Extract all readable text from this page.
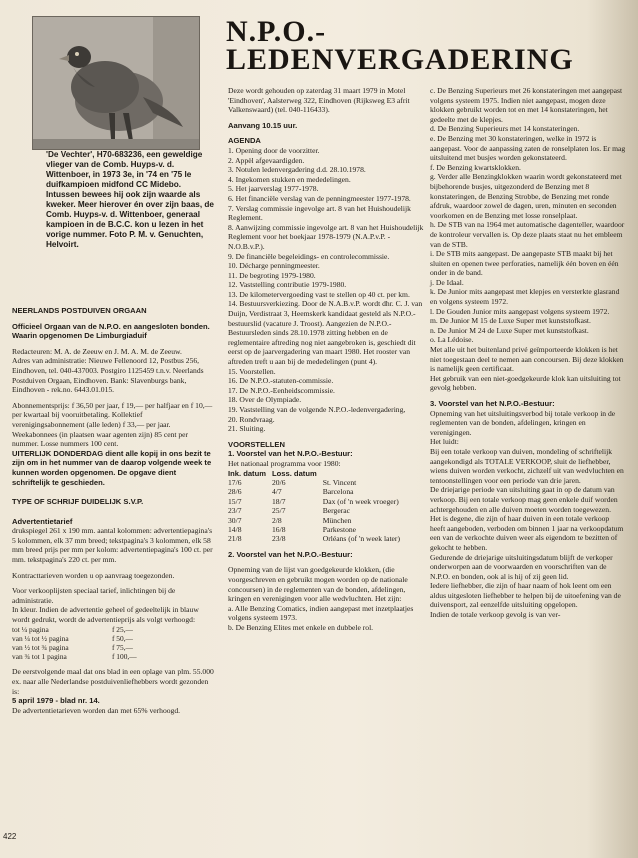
'De Vechter', H70-683236, een geweldige vlieger van de Comb. Huyps-v. d. Wittenboer, in 1973 3e, in '74 en '75 le duifkampioen midfond CC Midebo. Intussen bewees hij ook zijn waarde als kweker. Meer hierover én over zijn baas, de Comb. Huyps-v. d. Wittenboer, generaal kampioen in de B.C.C. kon u lezen in het vorige nummer. Foto P. M. v. Genuchten, Helvoirt.

NEERLANDS POSTDUIVEN ORGAAN

Officieel Orgaan van de N.P.O. en aangesloten bonden.

Waarin opgenomen De Limburgiaduif

Redacteuren: M. A. de Zeeuw en J. M. A. M. de Zeeuw.

Adres van administratie: Nieuwe Fellenoord 12, Postbus 256, Eindhoven, tel. 040-437003. Postgiro 1125459 t.n.v. Neerlands Postduiven Orgaan, Eindhoven. Bank: Slavenburgs bank, Eindhoven - rek.no. 6443.01.015.

Abonnementsprijs: f 36,50 per jaar, f 19,— per halfjaar en f 10,— per kwartaal bij vooruitbetaling. Kollektief verenigingsabonnement (alle leden) f 33,— per jaar. Weekabonnees (in plaatsen waar agenten zijn) 85 cent per nummer. Losse nummers 100 cent.

UITERLIJK DONDERDAG dient alle kopij in ons bezit te zijn om in het nummer van de daarop volgende week te kunnen worden opgenomen. De opgave dient schriftelijk te geschieden.

TYPE OF SCHRIJF DUIDELIJK S.V.P.

Advertentietarief

drukspiegel 261 x 190 mm. aantal kolommen: advertentiepagina's 5 kolommen, elk 37 mm breed; tekstpagina's 3 kolommen, elk 58 mm breed prijs per mm per kolom: advertentiepagina's 100 ct. per mm. tekstpagina's 220 ct. per mm.

Kontracttarieven worden u op aanvraag toegezonden.

Voor verkooplijsten speciaal tarief, inlichtingen bij de administratie.

In kleur. Indien de advertentie geheel of gedeeltelijk in blauw wordt gedrukt, wordt de advertentieprijs als volgt verhoogd:

tot ¼ pagina	f 25,—
van ¼ tot ½ pagina	f 50,—
van ½ tot ¾ pagina	f 75,—
van ¾ tot 1 pagina	f 100,—

De eerstvolgende maal dat ons blad in een oplage van plm. 55.000 ex. naar alle Nederlandse postduivenliefhebbers wordt gezonden is:

5 april 1979 - blad nr. 14.

De advertentietarieven worden dan met 65% verhoogd.

N.P.O.-
LEDENVERGADERING

Deze wordt gehouden op zaterdag 31 maart 1979 in Motel 'Eindhoven', Aalsterweg 322, Eindhoven (Rijksweg E3 afrit Valkenswaard) (tel. 040-116433).

Aanvang 10.15 uur.

AGENDA

1. Opening door de voorzitter.
2. Appèl afgevaardigden.
3. Notulen ledenvergadering d.d. 28.10.1978.
4. Ingekomen stukken en mededelingen.
5. Het jaarverslag 1977-1978.
6. Het financiële verslag van de penningmeester 1977-1978.
7. Verslag commissie ingevolge art. 8 van het Huishoudelijk Reglement.
8. Aanwijzing commissie ingevolge art. 8 van het Huishoudelijk Reglement voor het boekjaar 1978-1979 (N.A.P.v.P. - N.O.B.v.P.).
9. De financiële begeleidings- en controlecommissie.
10. Décharge penningmeester.
11. De begroting 1979-1980.
12. Vaststelling contributie 1979-1980.
13. De kilometervergoeding vast te stellen op 40 ct. per km.
14. Bestuursverkiezing. Door de N.A.B.v.P. wordt dhr. C. J. van Duijn, Verdistraat 3, Heemskerk kandidaat gesteld als N.P.O.-bestuurslid (vacature J. Troost). Aangezien de N.P.O.-Bestuursleden sinds 28.10.1978 zitting hebben en de reglementaire aftreding nog niet aangebroken is, geschiedt dit eerst op de jaarvergadering van maart 1980. Het rooster van aftreden treft u aan bij de mededelingen (punt 4).
15. Voorstellen.
16. De N.P.O.-statuten-commissie.
17. De N.P.O.-Eenheidscommissie.
18. Over de Olympiade.
19. Vaststelling van de volgende N.P.O.-ledenvergadering,
20. Rondvraag.
21. Sluiting.

VOORSTELLEN

1. Voorstel van het N.P.O.-Bestuur:

Het nationaal programma voor 1980:

Ink. datum	Loss. datum	
17/6	20/6	St. Vincent
28/6	4/7	Barcelona
15/7	18/7	Dax (of 'n week vroeger)
23/7	25/7	Bergerac
30/7	2/8	München
14/8	16/8	Parkestone
21/8	23/8	Orléans (of 'n week later)

2. Voorstel van het N.P.O.-Bestuur:

Opneming van de lijst van goedgekeurde klokken, (die voorgeschreven en gebruikt mogen worden op de nationale concoursen) in de reglementen van de bonden, afdelingen, kringen en verenigingen voor alle wedvluchten. Het zijn:

a. Alle Benzing Comatics, indien aangepast met inzetplaatjes volgens systeem 1973.

b. De Benzing Elites met enkele en dubbele rol.

c. De Benzing Superieurs met 26 konstateringen met aangepast volgens systeem 1975. Indien niet aangepast, mogen deze klokken gebruikt worden tot en met 14 konstateringen, het gedeelte met de klepjes.

d. De Benzing Superieurs met 14 konstateringen.

e. De Benzing met 30 konstateringen, welke in 1972 is aangepast. Voor de aanpassing zaten de ronselplaten los. Er mag uitsluitend met busjes worden gekonstateerd.

f. De Benzing kwartsklokken.

g. Verder alle Benzingklokken waarin wordt gekonstateerd met bijbehorende busjes, uitgezonderd de Benzing met 8 konstateringen, de Benzing Strobbe, de Benzing met ronde afdruk, waardoor zowel de dagen, uren, minuten en seconden voorkomen en de Benzing met losse ronselplaat.

h. De STB van na 1964 met automatische dagenteller, waardoor de kontroleur vervallen is. Op deze plaats staat nu het embleem van de STB.

i. De STB mits aangepast. De aangepaste STB maakt bij het sluiten en openen twee perforaties, namelijk één boven en één onder in de band.

j. De Idaal.

k. De Junior mits aangepast met klepjes en versterkte glasrand en volgens systeem 1972.

l. De Gouden Junior mits aangepast volgens systeem 1972.

m. De Junior M 15 de Luxe Super met kunststofkast.

n. De Junior M 24 de Luxe Super met kunststofkast.

o. La Lédoise.

Met alle uit het buitenland privé geïmporteerde klokken is het niet toegestaan deel te nemen aan concoursen. Bij deze klokken is namelijk geen certificaat.

Het gebruik van een niet-goedgekeurde klok kan uitsluiting tot gevolg hebben.

3. Voorstel van het N.P.O.-Bestuur:

Opneming van het uitsluitingsverbod bij totale verkoop in de reglementen van de bonden, afdelingen, kringen en verenigingen.

Het luidt:

Bij een totale verkoop van duiven, mondeling of schriftelijk aangekondigd als TOTALE VERKOOP, sluit de liefhebber, wiens duiven worden verkocht, zichzelf uit van wedvluchten en tentoonstellingen voor een periode van drie jaren.

De driejarige periode van uitsluiting gaat in op de datum van verkoop. Bij een totale verkoop mag geen enkele duif worden achtergehouden en alle duiven moeten worden toegewezen.

Het is degene, die zijn of haar duiven in een totale verkoop heeft aangeboden, verboden om binnen 1 jaar na verkoopdatum een van de verkochte duiven weer als eigendom te bezitten of gekocht te hebben.

Gedurende de driejarige uitsluitingsdatum blijft de verkoper onderworpen aan de voorwaarden en voorschriften van de N.P.O. en bonden, ook al is hij of zij geen lid.

Iedere liefhebber, die zijn of haar naam of hok leent om een aldus uitgesloten liefhebber te helpen bij de uitoefening van de duivensport, zal eenzelfde uitsluiting opgelopen.

Indien de totale verkoop gevolg is van ver-

422
